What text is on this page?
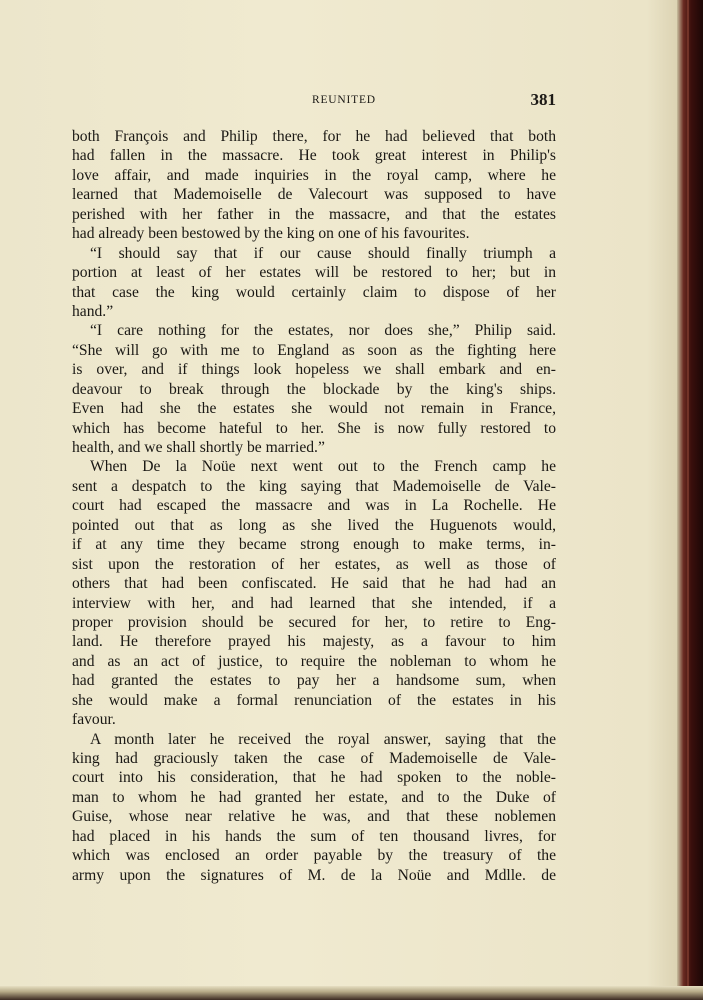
REUNITED	381
both François and Philip there, for he had believed that both
had fallen in the massacre. He took great interest in Philip's
love affair, and made inquiries in the royal camp, where he
learned that Mademoiselle de Valecourt was supposed to have
perished with her father in the massacre, and that the estates
had already been bestowed by the king on one of his favourites.
“I should say that if our cause should finally triumph a
portion at least of her estates will be restored to her; but in
that case the king would certainly claim to dispose of her
hand.”
“I care nothing for the estates, nor does she,” Philip said.
“She will go with me to England as soon as the fighting here
is over, and if things look hopeless we shall embark and en-
deavour to break through the blockade by the king's ships.
Even had she the estates she would not remain in France,
which has become hateful to her. She is now fully restored to
health, and we shall shortly be married.”
When De la Noüe next went out to the French camp he
sent a despatch to the king saying that Mademoiselle de Vale-
court had escaped the massacre and was in La Rochelle. He
pointed out that as long as she lived the Huguenots would,
if at any time they became strong enough to make terms, in-
sist upon the restoration of her estates, as well as those of
others that had been confiscated. He said that he had had an
interview with her, and had learned that she intended, if a
proper provision should be secured for her, to retire to Eng-
land. He therefore prayed his majesty, as a favour to him
and as an act of justice, to require the nobleman to whom he
had granted the estates to pay her a handsome sum, when
she would make a formal renunciation of the estates in his
favour.
A month later he received the royal answer, saying that the
king had graciously taken the case of Mademoiselle de Vale-
court into his consideration, that he had spoken to the noble-
man to whom he had granted her estate, and to the Duke of
Guise, whose near relative he was, and that these noblemen
had placed in his hands the sum of ten thousand livres, for
which was enclosed an order payable by the treasury of the
army upon the signatures of M. de la Noüe and Mdlle. de
